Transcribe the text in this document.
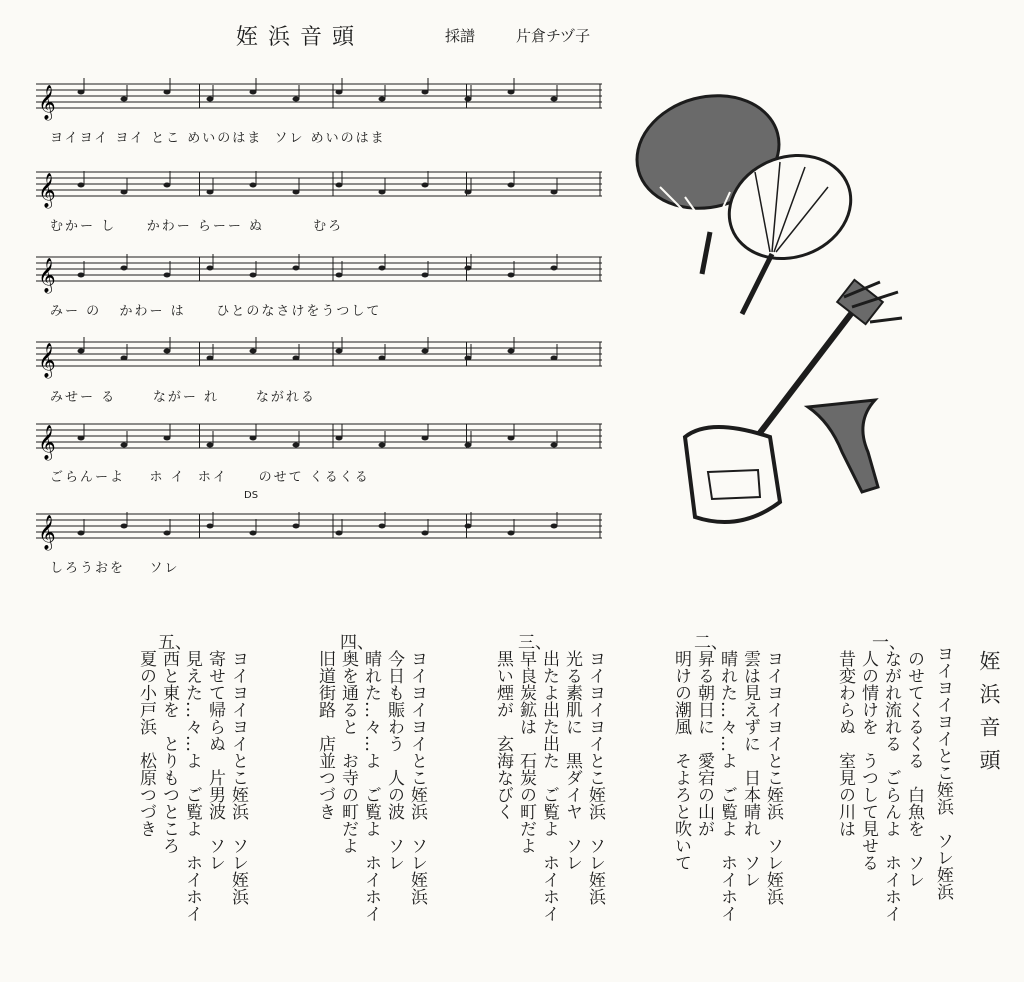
姪浜音頭	採譜	片倉チヅ子
𝄞
ヨイヨイ ヨイ とこ めいのはま  ソレ めいのはま
𝄞
むかー し     かわー らーー ぬ        むろ
𝄞
みー の   かわー は     ひとのなさけをうつして
𝄞
みせー る      ながー れ      ながれる
𝄞
ごらんーよ    ホ イ  ホイ     のせて くるくる
𝄞
しろうおを    ソレ
DS
姪浜音頭
ヨイヨイヨイとこ姪浜　ソレ姪浜
一、
昔変わらぬ　室見の川は 人の情けを　うつして見せる ながれ流れる　ごらんよ　ホイホイ のせてくるくる　白魚を　ソレ
二、
明けの潮風　そよろと吹いて 昇る朝日に　愛宕の山が 晴れた…々…よ　ご覧よ　ホイホイ 雲は見えずに　日本晴れ　ソレ ヨイヨイヨイとこ姪浜　ソレ姪浜
三、
黒い煙が　玄海なびく 早良炭鉱は　石炭の町だよ 出たよ出た出た　ご覧よ　ホイホイ 光る素肌に　黒ダイヤ　ソレ ヨイヨイヨイとこ姪浜　ソレ姪浜
四、
旧道街路　店並つづき 奥を通ると　お寺の町だよ 晴れた…々…よ　ご覧よ　ホイホイ 今日も賑わう　人の波　ソレ ヨイヨイヨイとこ姪浜　ソレ姪浜
五、
夏の小戸浜　松原つづき 西と東を　とりもつところ 見えた…々…よ　ご覧よ　ホイホイ 寄せて帰らぬ　片男波　ソレ ヨイヨイヨイとこ姪浜　ソレ姪浜
